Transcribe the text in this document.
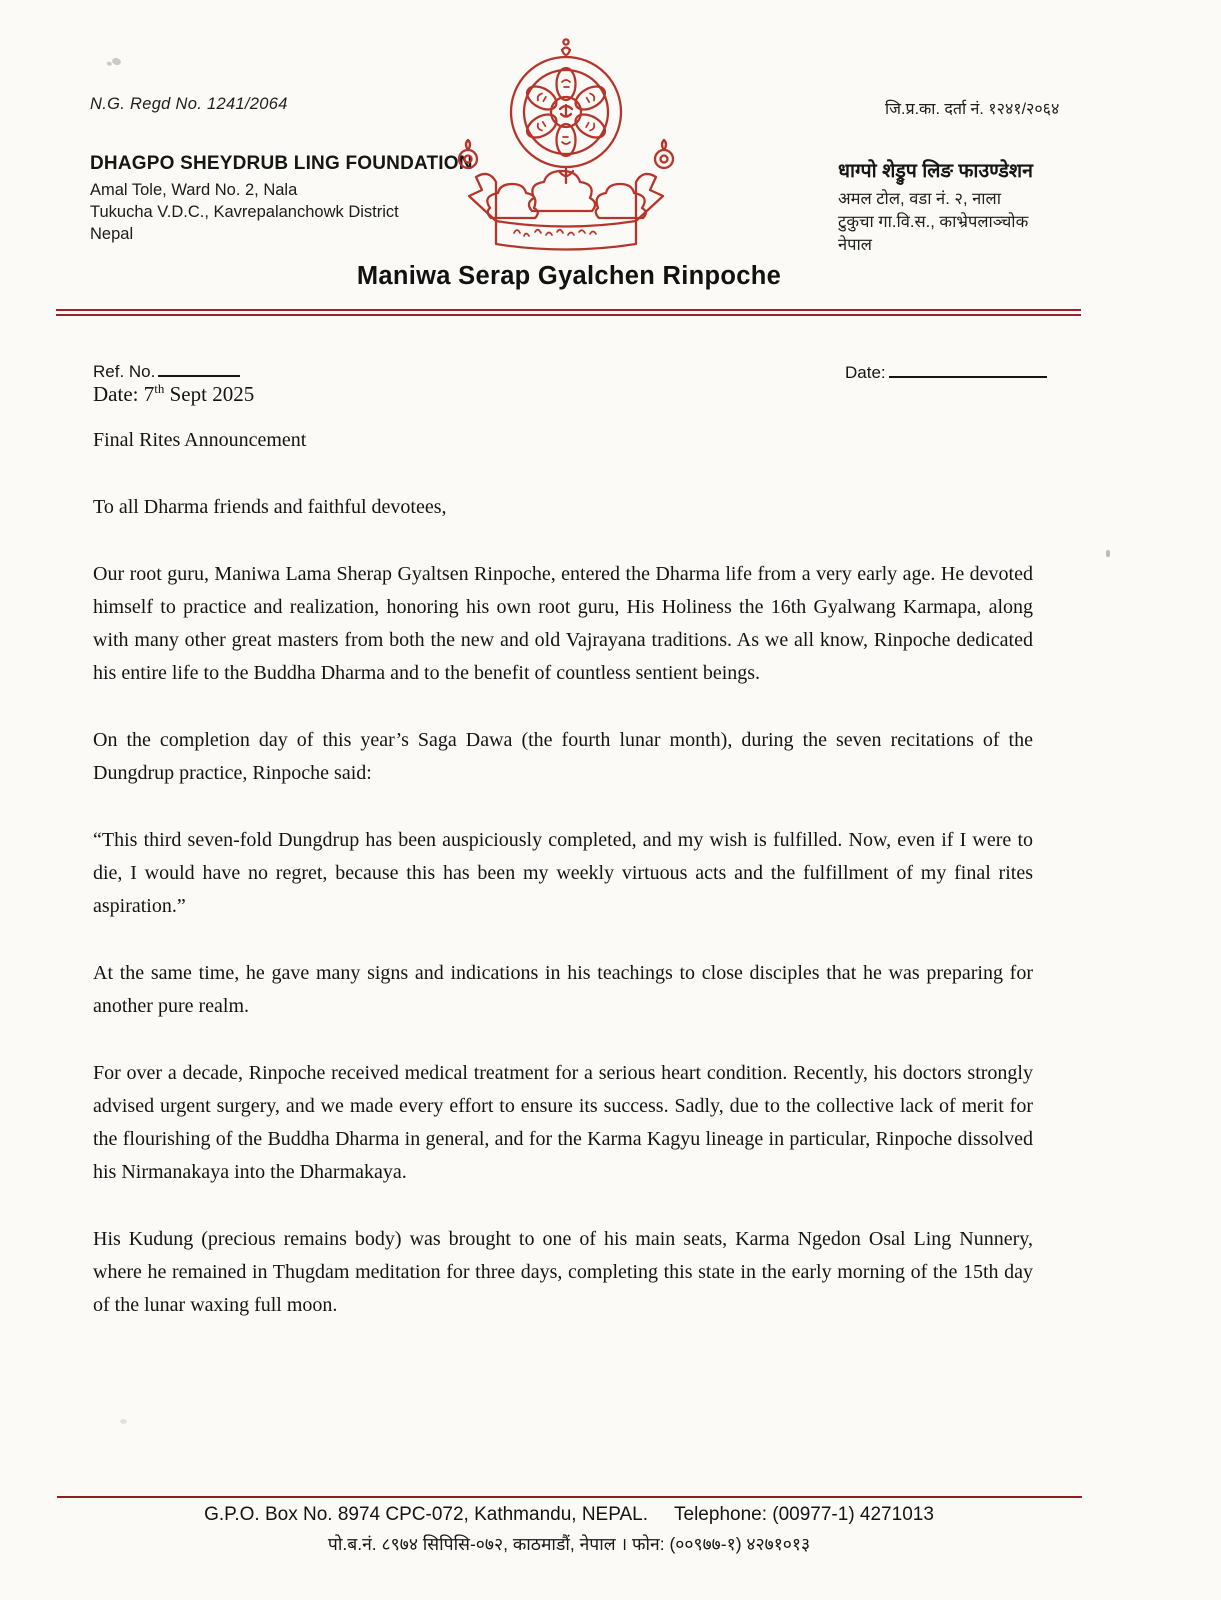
N.G. Regd No. 1241/2064
DHAGPO SHEYDRUB LING FOUNDATION
Amal Tole, Ward No. 2, Nala
Tukucha V.D.C., Kavrepalanchowk District
Nepal
जि.प्र.का. दर्ता नं. १२४१/२०६४
धाग्पो शेड्रुप लिङ फाउण्डेशन
अमल टोल, वडा नं. २, नाला
टुकुचा गा.वि.स., काभ्रेपलाञ्चोक
नेपाल
Maniwa Serap Gyalchen Rinpoche
Ref. No.	Date:
Date: 7th Sept 2025
Final Rites Announcement
To all Dharma friends and faithful devotees,

Our root guru, Maniwa Lama Sherap Gyaltsen Rinpoche, entered the Dharma life from a very early age. He devoted himself to practice and realization, honoring his own root guru, His Holiness the 16th Gyalwang Karmapa, along with many other great masters from both the new and old Vajrayana traditions. As we all know, Rinpoche dedicated his entire life to the Buddha Dharma and to the benefit of countless sentient beings.

On the completion day of this year’s Saga Dawa (the fourth lunar month), during the seven recitations of the Dungdrup practice, Rinpoche said:

“This third seven-fold Dungdrup has been auspiciously completed, and my wish is fulfilled. Now, even if I were to die, I would have no regret, because this has been my weekly virtuous acts and the fulfillment of my final rites aspiration.”

At the same time, he gave many signs and indications in his teachings to close disciples that he was preparing for another pure realm.

For over a decade, Rinpoche received medical treatment for a serious heart condition. Recently, his doctors strongly advised urgent surgery, and we made every effort to ensure its success. Sadly, due to the collective lack of merit for the flourishing of the Buddha Dharma in general, and for the Karma Kagyu lineage in particular, Rinpoche dissolved his Nirmanakaya into the Dharmakaya.

His Kudung (precious remains body) was brought to one of his main seats, Karma Ngedon Osal Ling Nunnery, where he remained in Thugdam meditation for three days, completing this state in the early morning of the 15th day of the lunar waxing full moon.

G.P.O. Box No. 8974 CPC-072, Kathmandu, NEPAL. Telephone: (00977-1) 4271013
पो.ब.नं. ८९७४ सिपिसि-०७२, काठमाडौं, नेपाल । फोन: (००९७७-१) ४२७१०१३
